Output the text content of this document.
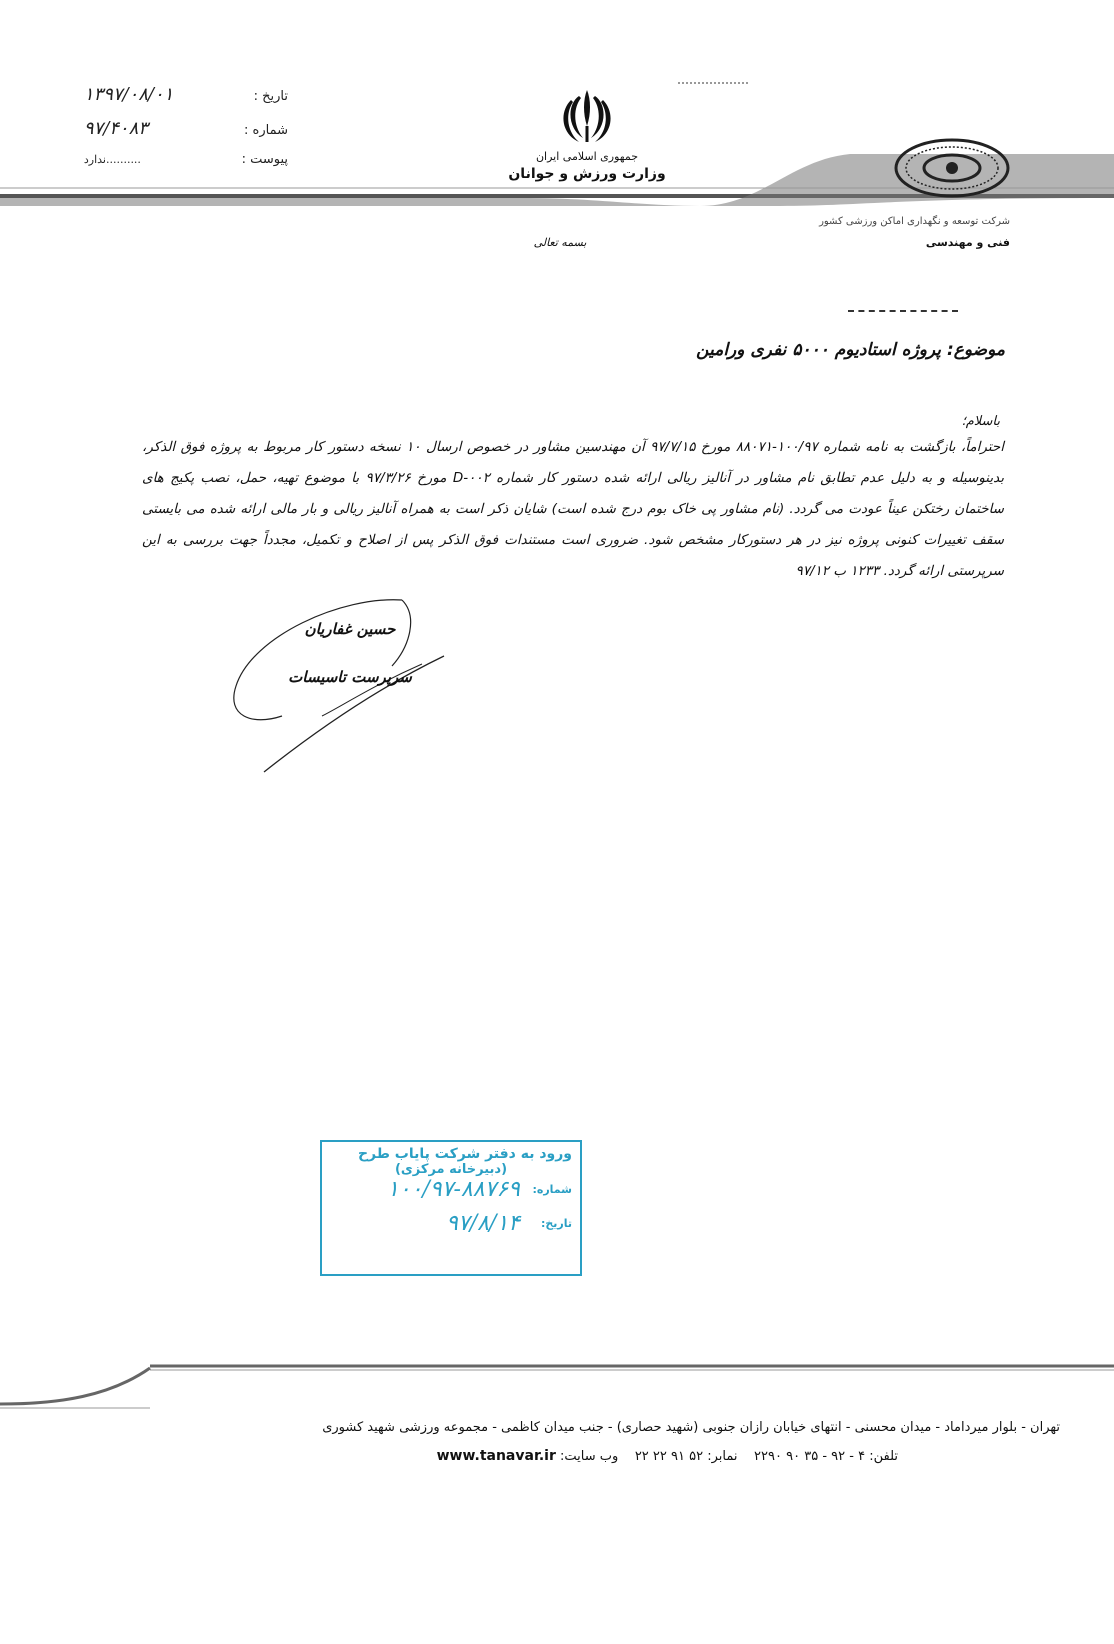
تاریخ : ۱۳۹۷/۰۸/۰۱
شماره : ۹۷/۴۰۸۳
پیوست : ..........ندارد	جمهوری اسلامی ایران
وزارت ورزش و جوانان
شرکت توسعه و نگهداری اماکن ورزشی کشور
فنی و مهندسی
بسمه تعالی
موضوع: پروژه استادیوم ۵۰۰۰ نفری ورامین
باسلام؛
احتراماً، بازگشت به نامه شماره ۱۰۰/۹۷-۸۸۰۷۱ مورخ ۹۷/۷/۱۵ آن مهندسین مشاور در خصوص ارسال ۱۰ نسخه دستور کار مربوط به پروژه فوق الذکر، بدینوسیله و به دلیل عدم تطابق نام مشاور در آنالیز ریالی ارائه شده دستور کار شماره D-۰۰۲ مورخ ۹۷/۳/۲۶ با موضوع تهیه، حمل، نصب پکیج های ساختمان رختکن عیناً عودت می گردد. (نام مشاور پی خاک بوم درج شده است) شایان ذکر است به همراه آنالیز ریالی و بار مالی ارائه شده می بایستی سقف تغییرات کنونی پروژه نیز در هر دستورکار مشخص شود. ضروری است مستندات فوق الذکر پس از اصلاح و تکمیل، مجدداً جهت بررسی به این سرپرستی ارائه گردد. ۱۲۳۳ ب ۹۷/۱۲
حسین غفاریان
سرپرست تاسیسات
ورود به دفتر شرکت پایاب طرح
(دبیرخانه مرکزی)
شماره:
۱۰۰/۹۷-۸۸۷۶۹
تاریخ:
۹۷/۸/۱۴
تهران - بلوار میرداماد - میدان محسنی - انتهای خیابان رازان جنوبی (شهید حصاری) - جنب میدان کاظمی - مجموعه ورزشی شهید کشوری
تلفن: ۴ - ۹۲ - ۳۵ ۹۰ ۲۲۹۰    نمابر: ۵۲ ۹۱ ۲۲ ۲۲    وب سایت: www.tanavar.ir
